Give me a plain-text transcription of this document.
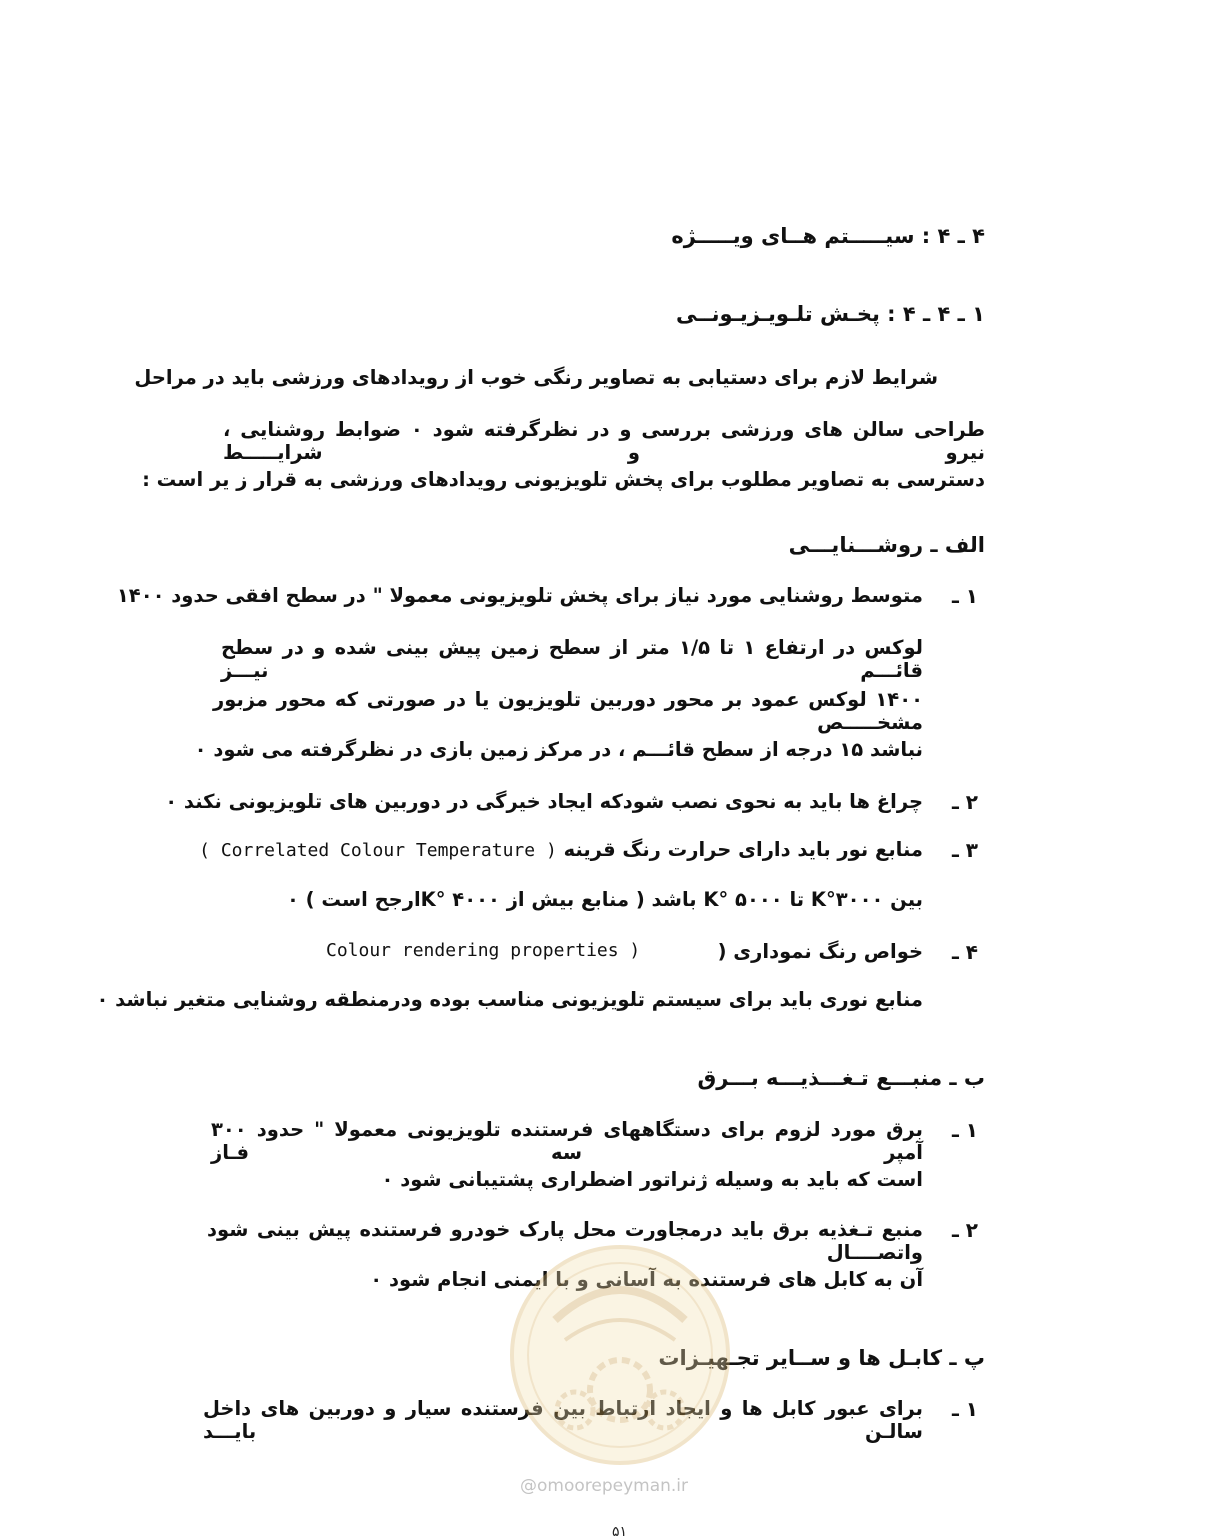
۴ ـ ۴ : سیـــــتم هــای ویـــــژه
۱ ـ ۴ ـ ۴ : پخـش تلـویـزیـونــی
شرایط لازم برای دستیابی به تصاویر رنگی خوب از رویدادهای ورزشی باید در مراحل
طراحی سالن های ورزشی بررسی و در نظرگرفته شود ۰ ضوابط روشنایی ، نیرو و شرایـــــط
دسترسی به تصاویر مطلوب برای پخش تلویزیونی رویدادهای ورزشی به قرار ز یر است :
الف ـ روشـــنایـــی
۱ ـ
متوسط روشنایی مورد نیاز برای پخش تلویزیونی معمولا " در سطح افقی حدود ۱۴۰۰
لوکس در ارتفاع ۱ تا ۱/۵ متر از سطح زمین پیش بینی شده و در سطح قائـــم نیـــز
۱۴۰۰ لوکس عمود بر محور دوربین تلویزیون یا در صورتی که محور مزبور مشخـــــص
نباشد ۱۵ درجه از سطح قائـــم ، در مرکز زمین بازی در نظرگرفته می شود ۰
۲ ـ
چراغ ها باید به نحوی نصب شودکه ایجاد خیرگی در دوربین های تلویزیونی نکند ۰
۳ ـ
منابع نور باید دارای حرارت رنگ قرینه ( Correlated Colour Temperature )
بین K°۳۰۰۰ تا K° ۵۰۰۰ باشد ( منابع بیش از K° ۴۰۰۰ارجح است ) ۰
۴ ـ
خواص رنگ نموداری (
Colour rendering properties )
منابع نوری باید برای سیستم تلویزیونی مناسب بوده ودرمنطقه روشنایی متغیر نباشد ۰
ب ـ منبـــع تـغـــذیـــه بـــرق
۱ ـ
برق مورد لزوم برای دستگاههای فرستنده تلویزیونی معمولا " حدود ۳۰۰ آمپر سه فـاز
است که باید به وسیله ژنراتور اضطراری پشتیبانی شود ۰
۲ ـ
منبع تـغذیه برق باید درمجاورت محل پارک خودرو فرستنده پیش بینی شود واتصــــال
آن به کابل های فرستنده به آسانی و با ایمنی انجام شود ۰
پ ـ کابـل ها و ســایر تجـهیـزات
۱ ـ
برای عبور کابل ها و ایجاد ارتباط بین فرستنده سیار و دوربین های داخل سالـن بایـــد
@omoorepeyman.ir
۵۱
